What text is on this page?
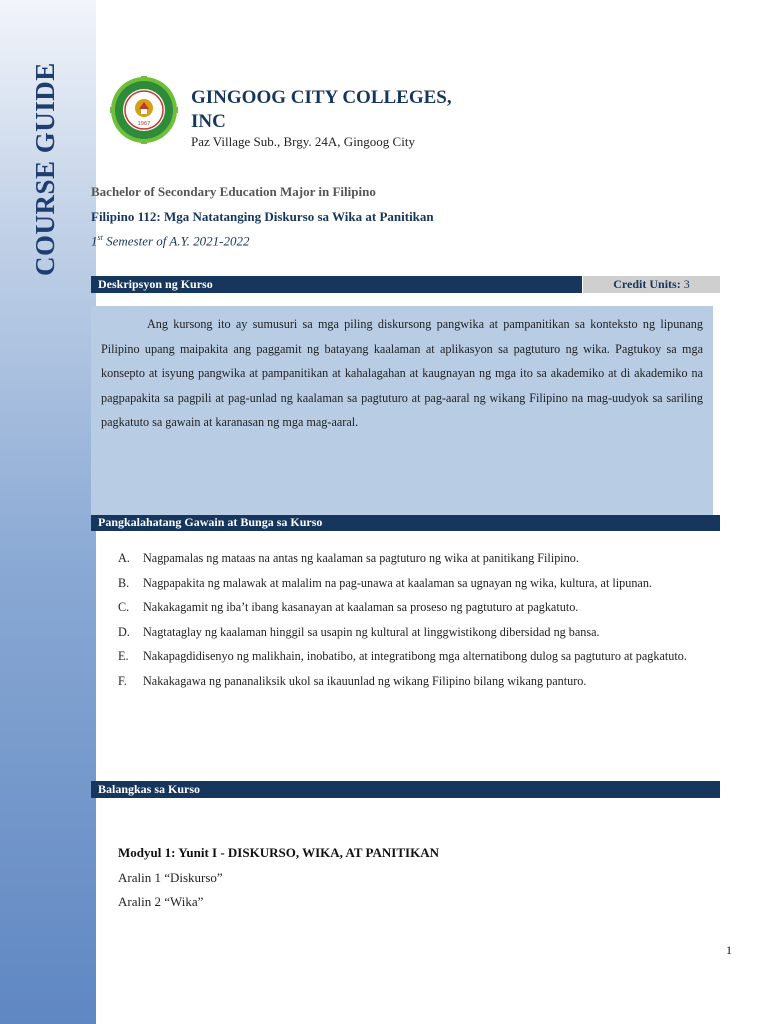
COURSE GUIDE	1967
GINGOOG CITY COLLEGES, INC
Paz Village Sub., Brgy. 24A, Gingoog City
Bachelor of Secondary Education Major in Filipino
Filipino 112: Mga Natatanging Diskurso sa Wika at Panitikan
1st Semester of A.Y. 2021-2022
Deskripsyon ng Kurso	Credit Units: 3

Ang kursong ito ay sumusuri sa mga piling diskursong pangwika at pampanitikan sa konteksto ng lipunang Pilipino upang maipakita ang paggamit ng batayang kaalaman at aplikasyon sa pagtuturo ng wika. Pagtukoy sa mga konsepto at isyung pangwika at pampanitikan at kahalagahan at kaugnayan ng mga ito sa akademiko at di akademiko na pagpapakita sa pagpili at pag-unlad ng kaalaman sa pagtuturo at pag-aaral ng wikang Filipino na mag-uudyok sa sariling pagkatuto sa gawain at karanasan ng mga mag-aaral.

Pangkalahatang Gawain at Bunga sa Kurso
A. Nagpamalas ng mataas na antas ng kaalaman sa pagtuturo ng wika at panitikang Filipino.
B. Nagpapakita ng malawak at malalim na pag-unawa at kaalaman sa ugnayan ng wika, kultura, at lipunan.
C. Nakakagamit ng iba’t ibang kasanayan at kaalaman sa proseso ng pagtuturo at pagkatuto.
D. Nagtataglay ng kaalaman hinggil sa usapin ng kultural at linggwistikong dibersidad ng bansa.
E. Nakapagdidisenyo ng malikhain, inobatibo, at integratibong mga alternatibong dulog sa pagtuturo at pagkatuto.
F. Nakakagawa ng pananaliksik ukol sa ikauunlad ng wikang Filipino bilang wikang panturo.
Balangkas sa Kurso
Modyul 1: Yunit I - DISKURSO, WIKA, AT PANITIKAN
Aralin 1 “Diskurso”
Aralin 2 “Wika”
1
